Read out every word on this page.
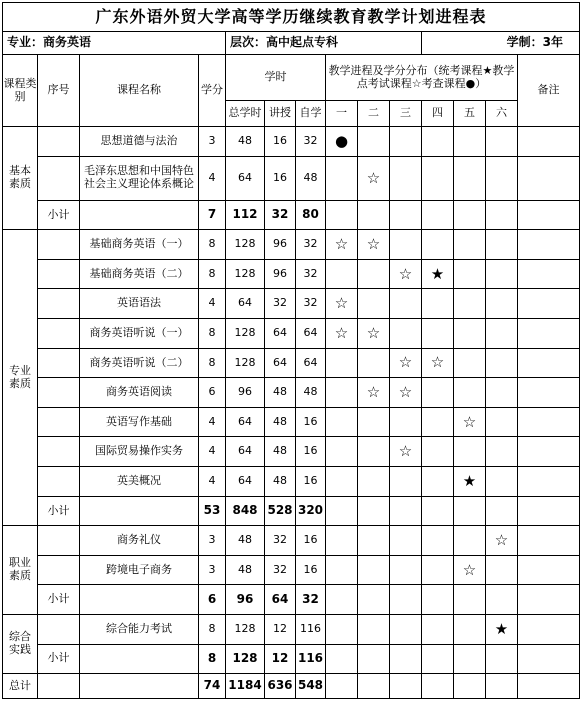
广东外语外贸大学高等学历继续教育教学计划进程表													
专业：商务英语				层次：高中起点专科						学制：3年			
课程类别	序号	课程名称	学分	学时			教学进程及学分分布（统考课程★教学点考试课程☆考查课程●）						备注
				总学时	讲授	自学	一	二	三	四	五	六	
基本素质		思想道德与法治	3	48	16	32	●						
		毛泽东思想和中国特色社会主义理论体系概论	4	64	16	48		☆					
	小计		7	112	32	80							
专业素质		基础商务英语（一）	8	128	96	32	☆	☆					
		基础商务英语（二）	8	128	96	32			☆	★			
		英语语法	4	64	32	32	☆						
		商务英语听说（一）	8	128	64	64	☆	☆					
		商务英语听说（二）	8	128	64	64			☆	☆			
		商务英语阅读	6	96	48	48		☆	☆				
		英语写作基础	4	64	48	16					☆		
		国际贸易操作实务	4	64	48	16			☆				
		英美概况	4	64	48	16					★		
	小计		53	848	528	320							
职业素质		商务礼仪	3	48	32	16						☆	
		跨境电子商务	3	48	32	16					☆		
	小计		6	96	64	32							
综合实践		综合能力考试	8	128	12	116						★	
	小计		8	128	12	116							
总计			74	1184	636	548							
